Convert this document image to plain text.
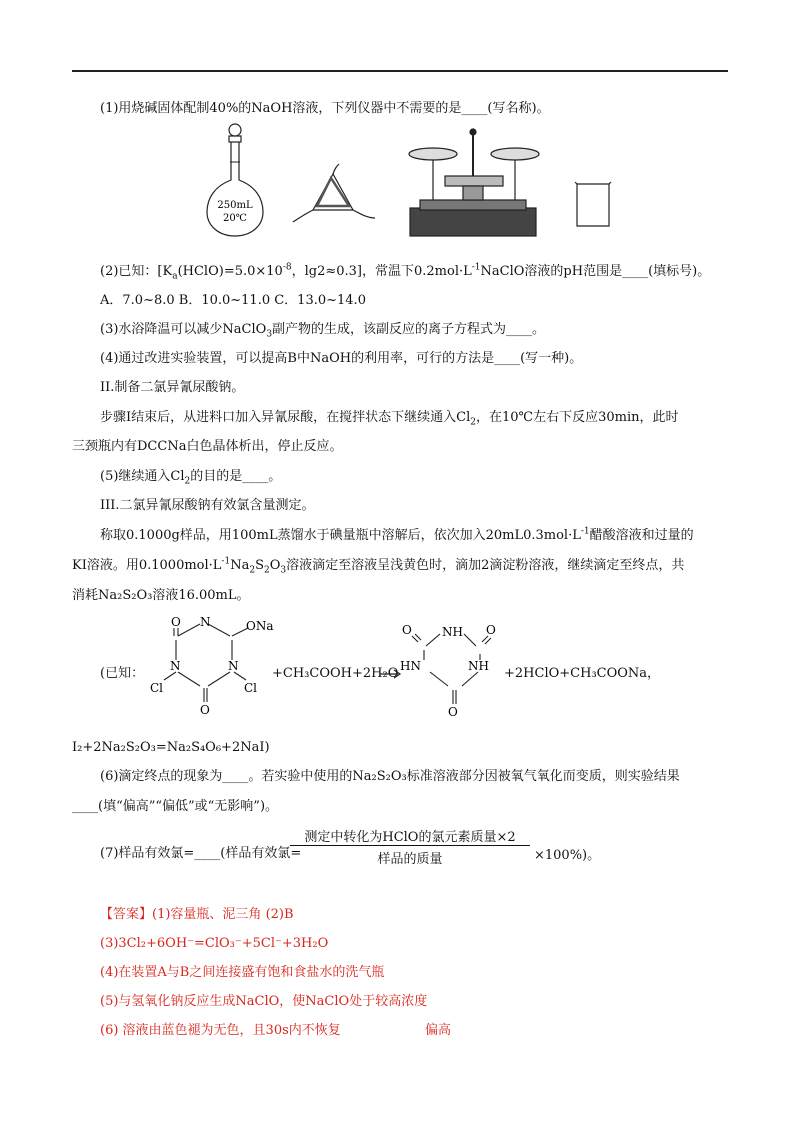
(1)用烧碱固体配制40%的NaOH溶液，下列仪器中不需要的是____(写名称)。
250mL
20℃
(2)已知：[$K_a(HClO)=5.0\times 10^{-8}$，lg2≈0.3]，常温下$0.2mol\cdot L^{-1}NaClO$溶液的pH范围是____(填标号)。
A．7.0~8.0 B．10.0~11.0 C．13.0~14.0
(3)水浴降温可以减少NaClO$_3$副产物的生成，该副反应的离子方程式为____。
(4)通过改进实验装置，可以提高B中NaOH的利用率，可行的方法是____(写一种)。
II.制备二氯异氰尿酸钠。
步骤I结束后，从进料口加入异氰尿酸，在搅拌状态下继续通入$Cl_2$，在10℃左右下反应30min，此时
三颈瓶内有DCCNa白色晶体析出，停止反应。
(5)继续通入$Cl_2$的目的是____。
III.二氯异氰尿酸钠有效氯含量测定。
称取0.1000g样品，用100mL蒸馏水于碘量瓶中溶解后，依次加入$20mL0.3mol\cdot L^{-1}$醋酸溶液和过量的
KI溶液。用$0.1000mol\cdot L^{-1}Na_2S_2O_3$溶液滴定至溶液呈浅黄色时，滴加2滴淀粉溶液，继续滴定至终点，共
消耗Na₂S₂O₃溶液16.00mL。
(已知：
O N	ONa
N	N
O
Cl	Cl
+CH₃COOH+2H₂O
O	NH O
HN	NH
O
+2HClO+CH₃COONa，
I₂+2Na₂S₂O₃=Na₂S₄O₆+2NaI)
(6)滴定终点的现象为____。若实验中使用的Na₂S₂O₃标准溶液部分因被氧气氧化而变质，则实验结果
____(填“偏高”“偏低”或“无影响”)。
(7)样品有效氯=____(样品有效氯=
测定中转化为HClO的氯元素质量×2
样品的质量	×100%)。
【答案】(1)容量瓶、泥三角 (2)B
(3)3Cl₂+6OH⁻=ClO₃⁻+5Cl⁻+3H₂O
(4)在装置A与B之间连接盛有饱和食盐水的洗气瓶
(5)与氢氧化钠反应生成NaClO，使NaClO处于较高浓度
(6) 溶液由蓝色褪为无色，且30s内不恢复	偏高
